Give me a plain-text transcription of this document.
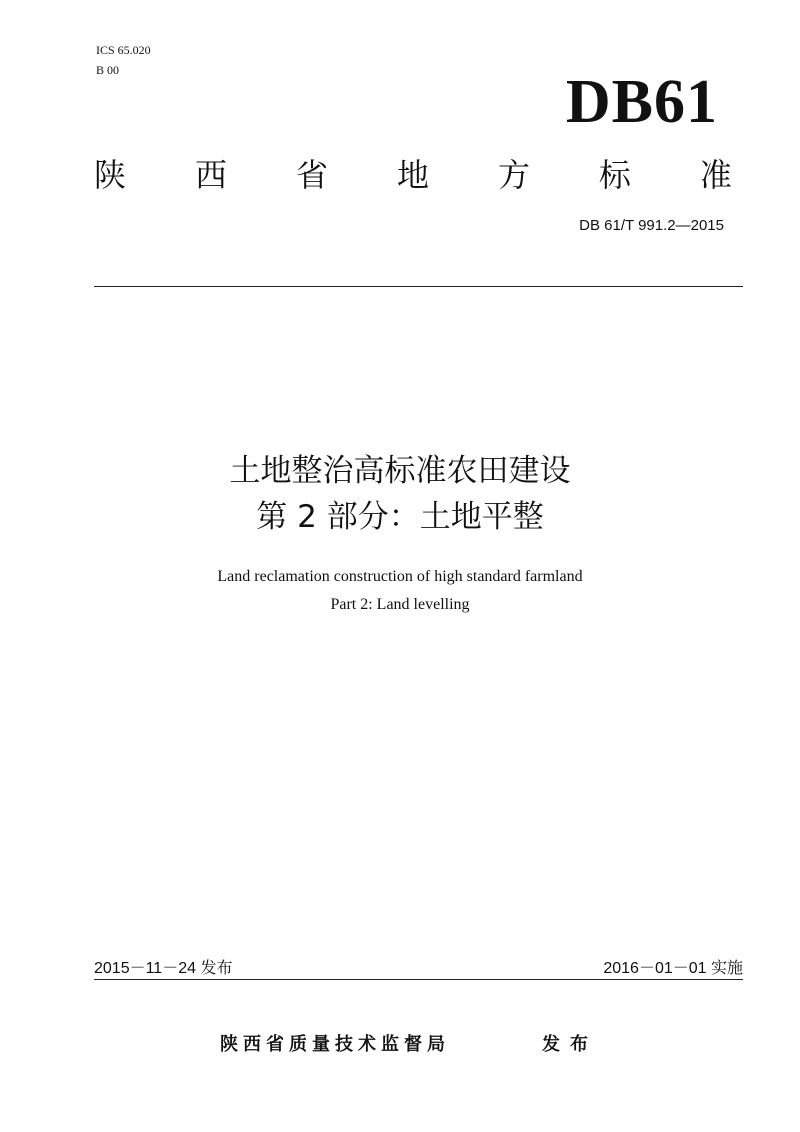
ICS 65.020
B 00	DB61
陕 西 省 地 方 标 准
DB 61/T 991.2—2015
土地整治高标准农田建设
第 2 部分：土地平整
Land reclamation construction of high standard farmland
Part 2: Land levelling
2015－11－24 发布	2016－01－01 实施
陕西省质量技术监督局	发布
